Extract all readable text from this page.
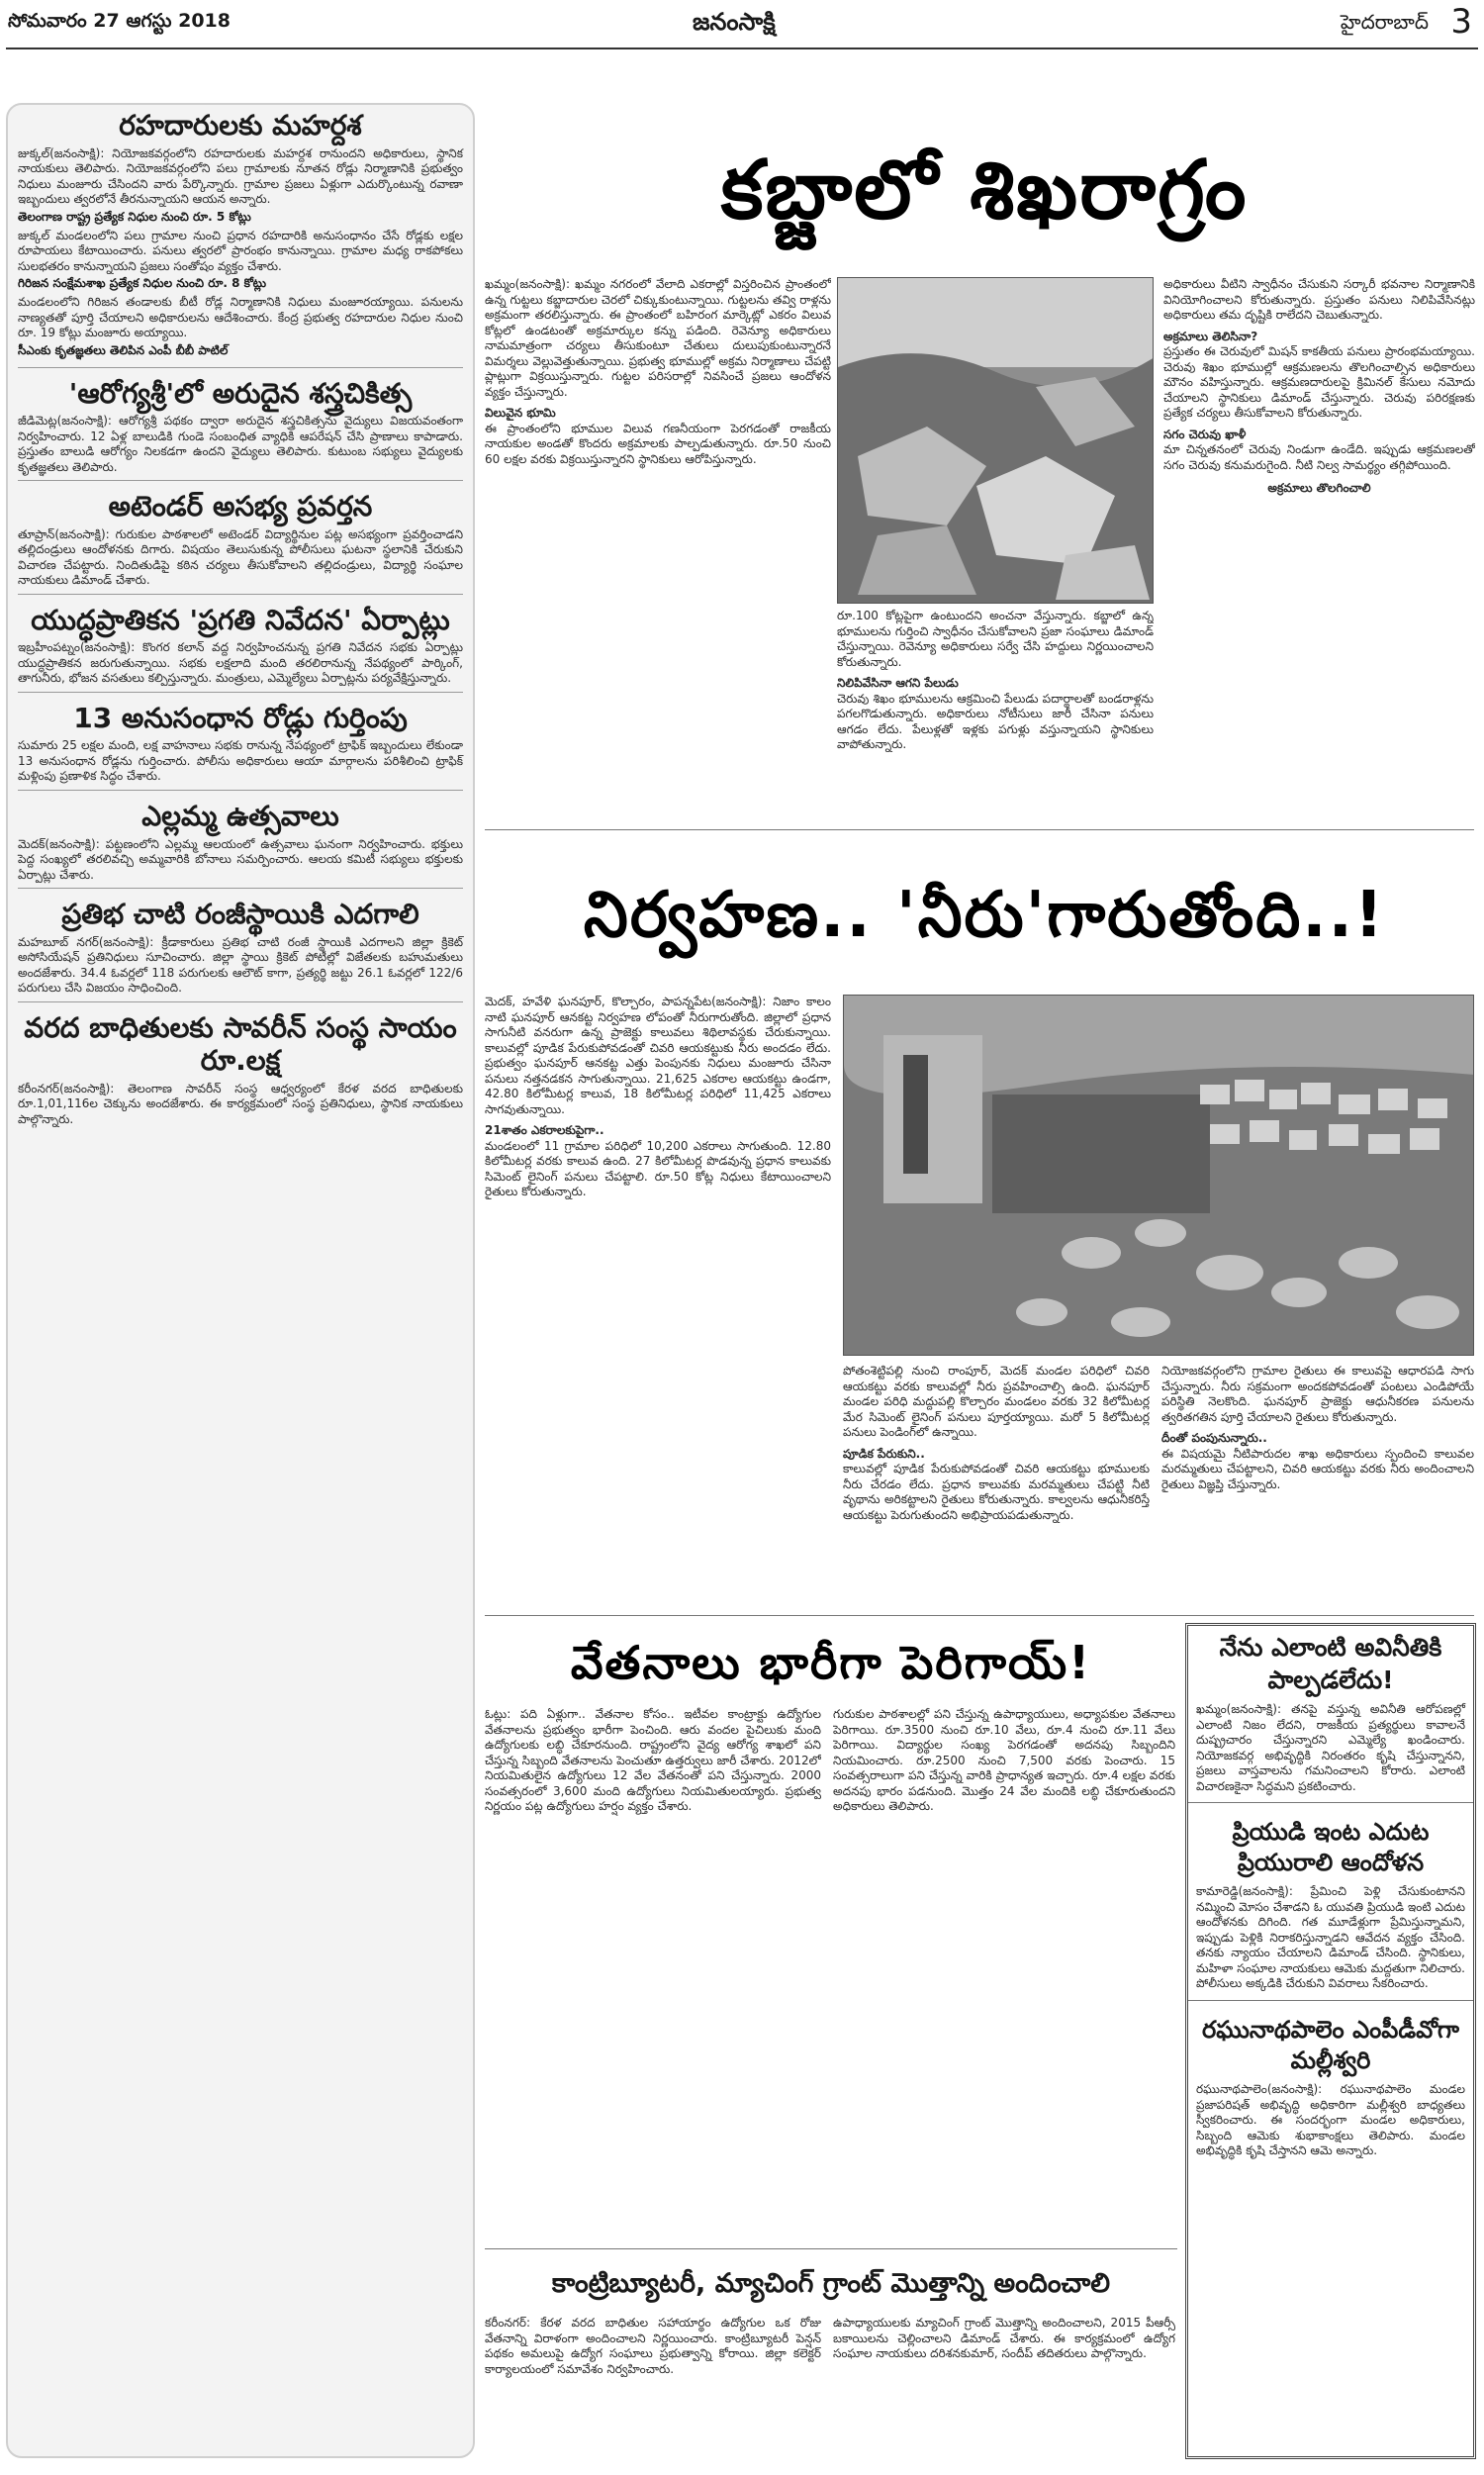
సోమవారం 27 ఆగస్టు 2018	జనంసాక్షి	హైదరాబాద్ 3
రహదారులకు మహర్దశ
జుక్కల్(జనంసాక్షి): నియోజకవర్గంలోని రహదారులకు మహర్దశ రానుందని అధికారులు, స్థానిక నాయకులు తెలిపారు. నియోజకవర్గంలోని పలు గ్రామాలకు నూతన రోడ్లు నిర్మాణానికి ప్రభుత్వం నిధులు మంజూరు చేసిందని వారు పేర్కొన్నారు. గ్రామాల ప్రజలు ఏళ్లుగా ఎదుర్కొంటున్న రవాణా ఇబ్బందులు త్వరలోనే తీరనున్నాయని ఆయన అన్నారు.
తెలంగాణ రాష్ట్ర ప్రత్యేక నిధుల నుంచి రూ. 5 కోట్లు
జుక్కల్ మండలంలోని పలు గ్రామాల నుంచి ప్రధాన రహదారికి అనుసంధానం చేసే రోడ్లకు లక్షల రూపాయలు కేటాయించారు. పనులు త్వరలో ప్రారంభం కానున్నాయి. గ్రామాల మధ్య రాకపోకలు సులభతరం కానున్నాయని ప్రజలు సంతోషం వ్యక్తం చేశారు.
గిరిజన సంక్షేమశాఖ ప్రత్యేక నిధుల నుంచి రూ. 8 కోట్లు
మండలంలోని గిరిజన తండాలకు బీటీ రోడ్ల నిర్మాణానికి నిధులు మంజూరయ్యాయి. పనులను నాణ్యతతో పూర్తి చేయాలని అధికారులను ఆదేశించారు. కేంద్ర ప్రభుత్వ రహదారుల నిధుల నుంచి రూ. 19 కోట్లు మంజూరు అయ్యాయి.
సీఎంకు కృతజ్ఞతలు తెలిపిన ఎంపీ బీబీ పాటిల్
'ఆరోగ్యశ్రీ'లో అరుదైన శస్త్రచికిత్స
జీడిమెట్ల(జనంసాక్షి): ఆరోగ్యశ్రీ పథకం ద్వారా అరుదైన శస్త్రచికిత్సను వైద్యులు విజయవంతంగా నిర్వహించారు. 12 ఏళ్ల బాలుడికి గుండె సంబంధిత వ్యాధికి ఆపరేషన్ చేసి ప్రాణాలు కాపాడారు. ప్రస్తుతం బాలుడి ఆరోగ్యం నిలకడగా ఉందని వైద్యులు తెలిపారు. కుటుంబ సభ్యులు వైద్యులకు కృతజ్ఞతలు తెలిపారు.
అటెండర్ అసభ్య ప్రవర్తన
తూప్రాన్(జనంసాక్షి): గురుకుల పాఠశాలలో అటెండర్ విద్యార్థినుల పట్ల అసభ్యంగా ప్రవర్తించాడని తల్లిదండ్రులు ఆందోళనకు దిగారు. విషయం తెలుసుకున్న పోలీసులు ఘటనా స్థలానికి చేరుకుని విచారణ చేపట్టారు. నిందితుడిపై కఠిన చర్యలు తీసుకోవాలని తల్లిదండ్రులు, విద్యార్థి సంఘాల నాయకులు డిమాండ్ చేశారు.
యుద్ధప్రాతికన 'ప్రగతి నివేదన' ఏర్పాట్లు
ఇబ్రహీంపట్నం(జనంసాక్షి): కొంగర కలాన్ వద్ద నిర్వహించనున్న ప్రగతి నివేదన సభకు ఏర్పాట్లు యుద్ధప్రాతికన జరుగుతున్నాయి. సభకు లక్షలాది మంది తరలిరానున్న నేపథ్యంలో పార్కింగ్, తాగునీరు, భోజన వసతులు కల్పిస్తున్నారు. మంత్రులు, ఎమ్మెల్యేలు ఏర్పాట్లను పర్యవేక్షిస్తున్నారు.
13 అనుసంధాన రోడ్లు గుర్తింపు
సుమారు 25 లక్షల మంది, లక్ష వాహనాలు సభకు రానున్న నేపథ్యంలో ట్రాఫిక్ ఇబ్బందులు లేకుండా 13 అనుసంధాన రోడ్లను గుర్తించారు. పోలీసు అధికారులు ఆయా మార్గాలను పరిశీలించి ట్రాఫిక్ మళ్లింపు ప్రణాళిక సిద్ధం చేశారు.
ఎల్లమ్మ ఉత్సవాలు
మెదక్(జనంసాక్షి): పట్టణంలోని ఎల్లమ్మ ఆలయంలో ఉత్సవాలు ఘనంగా నిర్వహించారు. భక్తులు పెద్ద సంఖ్యలో తరలివచ్చి అమ్మవారికి బోనాలు సమర్పించారు. ఆలయ కమిటీ సభ్యులు భక్తులకు ఏర్పాట్లు చేశారు.
ప్రతిభ చాటి రంజీస్థాయికి ఎదగాలి
మహబూబ్ నగర్(జనంసాక్షి): క్రీడాకారులు ప్రతిభ చాటి రంజీ స్థాయికి ఎదగాలని జిల్లా క్రికెట్ అసోసియేషన్ ప్రతినిధులు సూచించారు. జిల్లా స్థాయి క్రికెట్ పోటీల్లో విజేతలకు బహుమతులు అందజేశారు. 34.4 ఓవర్లలో 118 పరుగులకు ఆలౌట్ కాగా, ప్రత్యర్థి జట్టు 26.1 ఓవర్లలో 122/6 పరుగులు చేసి విజయం సాధించింది.
వరద బాధితులకు సావరీన్ సంస్థ సాయం రూ.లక్ష
కరీంనగర్(జనంసాక్షి): తెలంగాణ సావరీన్ సంస్థ ఆధ్వర్యంలో కేరళ వరద బాధితులకు రూ.1,01,116ల చెక్కును అందజేశారు. ఈ కార్యక్రమంలో సంస్థ ప్రతినిధులు, స్థానిక నాయకులు పాల్గొన్నారు.
కబ్జాలో శిఖరాగ్రం
ఖమ్మం(జనంసాక్షి): ఖమ్మం నగరంలో వేలాది ఎకరాల్లో విస్తరించిన ప్రాంతంలో ఉన్న గుట్టలు కబ్జాదారుల చెరలో చిక్కుకుంటున్నాయి. గుట్టలను తవ్వి రాళ్లను అక్రమంగా తరలిస్తున్నారు. ఈ ప్రాంతంలో బహిరంగ మార్కెట్లో ఎకరం విలువ కోట్లలో ఉండటంతో అక్రమార్కుల కన్ను పడింది. రెవెన్యూ అధికారులు నామమాత్రంగా చర్యలు తీసుకుంటూ చేతులు దులుపుకుంటున్నారనే విమర్శలు వెల్లువెత్తుతున్నాయి. ప్రభుత్వ భూముల్లో అక్రమ నిర్మాణాలు చేపట్టి ప్లాట్లుగా విక్రయిస్తున్నారు. గుట్టల పరిసరాల్లో నివసించే ప్రజలు ఆందోళన వ్యక్తం చేస్తున్నారు.
విలువైన భూమి
ఈ ప్రాంతంలోని భూముల విలువ గణనీయంగా పెరగడంతో రాజకీయ నాయకుల అండతో కొందరు అక్రమాలకు పాల్పడుతున్నారు. రూ.50 నుంచి 60 లక్షల వరకు విక్రయిస్తున్నారని స్థానికులు ఆరోపిస్తున్నారు.
రూ.100 కోట్లపైగా ఉంటుందని అంచనా వేస్తున్నారు. కబ్జాలో ఉన్న భూములను గుర్తించి స్వాధీనం చేసుకోవాలని ప్రజా సంఘాలు డిమాండ్ చేస్తున్నాయి. రెవెన్యూ అధికారులు సర్వే చేసి హద్దులు నిర్ణయించాలని కోరుతున్నారు.
నిలిపివేసినా ఆగని పేలుడు
చెరువు శిఖం భూములను ఆక్రమించి పేలుడు పదార్థాలతో బండరాళ్లను పగలగొడుతున్నారు. అధికారులు నోటీసులు జారీ చేసినా పనులు ఆగడం లేదు. పేలుళ్లతో ఇళ్లకు పగుళ్లు వస్తున్నాయని స్థానికులు వాపోతున్నారు.
అధికారులు వీటిని స్వాధీనం చేసుకుని సర్కారీ భవనాల నిర్మాణానికి వినియోగించాలని కోరుతున్నారు. ప్రస్తుతం పనులు నిలిపివేసినట్లు అధికారులు తమ దృష్టికి రాలేదని చెబుతున్నారు.
అక్రమాలు తెలిసినా?
ప్రస్తుతం ఈ చెరువులో మిషన్ కాకతీయ పనులు ప్రారంభమయ్యాయి. చెరువు శిఖం భూముల్లో ఆక్రమణలను తొలగించాల్సిన అధికారులు మౌనం వహిస్తున్నారు. ఆక్రమణదారులపై క్రిమినల్ కేసులు నమోదు చేయాలని స్థానికులు డిమాండ్ చేస్తున్నారు. చెరువు పరిరక్షణకు ప్రత్యేక చర్యలు తీసుకోవాలని కోరుతున్నారు.
సగం చెరువు ఖాళీ
మా చిన్నతనంలో చెరువు నిండుగా ఉండేది. ఇప్పుడు ఆక్రమణలతో సగం చెరువు కనుమరుగైంది. నీటి నిల్వ సామర్థ్యం తగ్గిపోయింది.
అక్రమాలు తొలగించాలి
నిర్వహణ.. 'నీరు'గారుతోంది..!
మెదక్, హవేళి ఘనపూర్, కొల్చారం, పాపన్నపేట(జనంసాక్షి): నిజాం కాలం నాటి ఘనపూర్ ఆనకట్ట నిర్వహణ లోపంతో నీరుగారుతోంది. జిల్లాలో ప్రధాన సాగునీటి వనరుగా ఉన్న ప్రాజెక్టు కాలువలు శిథిలావస్థకు చేరుకున్నాయి. కాలువల్లో పూడిక పేరుకుపోవడంతో చివరి ఆయకట్టుకు నీరు అందడం లేదు. ప్రభుత్వం ఘనపూర్ ఆనకట్ట ఎత్తు పెంపునకు నిధులు మంజూరు చేసినా పనులు నత్తనడకన సాగుతున్నాయి. 21,625 ఎకరాల ఆయకట్టు ఉండగా, 42.80 కిలోమీటర్ల కాలువ, 18 కిలోమీటర్ల పరిధిలో 11,425 ఎకరాలు సాగవుతున్నాయి.
21శాతం ఎకరాలకుపైగా..
మండలంలో 11 గ్రామాల పరిధిలో 10,200 ఎకరాలు సాగుతుంది. 12.80 కిలోమీటర్ల వరకు కాలువ ఉంది. 27 కిలోమీటర్ల పొడవున్న ప్రధాన కాలువకు సిమెంట్ లైనింగ్ పనులు చేపట్టాలి. రూ.50 కోట్ల నిధులు కేటాయించాలని రైతులు కోరుతున్నారు.
పోతంశెట్టిపల్లి నుంచి రాంపూర్, మెదక్ మండల పరిధిలో చివరి ఆయకట్టు వరకు కాలువల్లో నీరు ప్రవహించాల్సి ఉంది. ఘనపూర్ మండల పరిధి మద్దుపల్లి కొల్చారం మండలం వరకు 32 కిలోమీటర్ల మేర సిమెంట్ లైనింగ్ పనులు పూర్తయ్యాయి. మరో 5 కిలోమీటర్ల పనులు పెండింగ్‌లో ఉన్నాయి.
పూడిక పేరుకుని..
కాలువల్లో పూడిక పేరుకుపోవడంతో చివరి ఆయకట్టు భూములకు నీరు చేరడం లేదు. ప్రధాన కాలువకు మరమ్మతులు చేపట్టి నీటి వృథాను అరికట్టాలని రైతులు కోరుతున్నారు. కాల్వలను ఆధునీకరిస్తే ఆయకట్టు పెరుగుతుందని అభిప్రాయపడుతున్నారు.
నియోజకవర్గంలోని గ్రామాల రైతులు ఈ కాలువపై ఆధారపడి సాగు చేస్తున్నారు. నీరు సక్రమంగా అందకపోవడంతో పంటలు ఎండిపోయే పరిస్థితి నెలకొంది. ఘనపూర్ ప్రాజెక్టు ఆధునీకరణ పనులను త్వరితగతిన పూర్తి చేయాలని రైతులు కోరుతున్నారు.
దీంతో పంపునున్నారు..
ఈ విషయమై నీటిపారుదల శాఖ అధికారులు స్పందించి కాలువల మరమ్మతులు చేపట్టాలని, చివరి ఆయకట్టు వరకు నీరు అందించాలని రైతులు విజ్ఞప్తి చేస్తున్నారు.
వేతనాలు భారీగా పెరిగాయ్!
ఓట్లు: పది ఏళ్లుగా.. వేతనాల కోసం.. ఇటీవల కాంట్రాక్టు ఉద్యోగుల వేతనాలను ప్రభుత్వం భారీగా పెంచింది. ఆరు వందల పైచిలుకు మంది ఉద్యోగులకు లబ్ధి చేకూరనుంది. రాష్ట్రంలోని వైద్య ఆరోగ్య శాఖలో పని చేస్తున్న సిబ్బంది వేతనాలను పెంచుతూ ఉత్తర్వులు జారీ చేశారు. 2012లో నియమితులైన ఉద్యోగులు 12 వేల వేతనంతో పని చేస్తున్నారు. 2000 సంవత్సరంలో 3,600 మంది ఉద్యోగులు నియమితులయ్యారు. ప్రభుత్వ నిర్ణయం పట్ల ఉద్యోగులు హర్షం వ్యక్తం చేశారు.
గురుకుల పాఠశాలల్లో పని చేస్తున్న ఉపాధ్యాయులు, అధ్యాపకుల వేతనాలు పెరిగాయి. రూ.3500 నుంచి రూ.10 వేలు, రూ.4 నుంచి రూ.11 వేలు పెరిగాయి. విద్యార్థుల సంఖ్య పెరగడంతో అదనపు సిబ్బందిని నియమించారు. రూ.2500 నుంచి 7,500 వరకు పెంచారు. 15 సంవత్సరాలుగా పని చేస్తున్న వారికి ప్రాధాన్యత ఇచ్చారు. రూ.4 లక్షల వరకు అదనపు భారం పడనుంది. మొత్తం 24 వేల మందికి లబ్ధి చేకూరుతుందని అధికారులు తెలిపారు.
కాంట్రిబ్యూటరీ, మ్యాచింగ్ గ్రాంట్ మొత్తాన్ని అందించాలి
కరీంనగర్: కేరళ వరద బాధితుల సహాయార్థం ఉద్యోగుల ఒక రోజు వేతనాన్ని విరాళంగా అందించాలని నిర్ణయించారు. కాంట్రిబ్యూటరీ పెన్షన్ పథకం అమలుపై ఉద్యోగ సంఘాలు ప్రభుత్వాన్ని కోరాయి. జిల్లా కలెక్టర్ కార్యాలయంలో సమావేశం నిర్వహించారు.
ఉపాధ్యాయులకు మ్యాచింగ్ గ్రాంట్ మొత్తాన్ని అందించాలని, 2015 పీఆర్సీ బకాయిలను చెల్లించాలని డిమాండ్ చేశారు. ఈ కార్యక్రమంలో ఉద్యోగ సంఘాల నాయకులు దరిశనకుమార్, సందీప్ తదితరులు పాల్గొన్నారు.
నేను ఎలాంటి అవినీతికి పాల్పడలేదు!
ఖమ్మం(జనంసాక్షి): తనపై వస్తున్న అవినీతి ఆరోపణల్లో ఎలాంటి నిజం లేదని, రాజకీయ ప్రత్యర్థులు కావాలనే దుష్ప్రచారం చేస్తున్నారని ఎమ్మెల్యే ఖండించారు. నియోజకవర్గ అభివృద్ధికి నిరంతరం కృషి చేస్తున్నానని, ప్రజలు వాస్తవాలను గమనించాలని కోరారు. ఎలాంటి విచారణకైనా సిద్ధమని ప్రకటించారు.
ప్రియుడి ఇంట ఎదుట ప్రియురాలి ఆందోళన
కామారెడ్డి(జనంసాక్షి): ప్రేమించి పెళ్లి చేసుకుంటానని నమ్మించి మోసం చేశాడని ఓ యువతి ప్రియుడి ఇంటి ఎదుట ఆందోళనకు దిగింది. గత మూడేళ్లుగా ప్రేమిస్తున్నామని, ఇప్పుడు పెళ్లికి నిరాకరిస్తున్నాడని ఆవేదన వ్యక్తం చేసింది. తనకు న్యాయం చేయాలని డిమాండ్ చేసింది. స్థానికులు, మహిళా సంఘాల నాయకులు ఆమెకు మద్దతుగా నిలిచారు. పోలీసులు అక్కడికి చేరుకుని వివరాలు సేకరించారు.
రఘునాథపాలెం ఎంపీడీవోగా మల్లీశ్వరి
రఘునాథపాలెం(జనంసాక్షి): రఘునాథపాలెం మండల ప్రజాపరిషత్ అభివృద్ధి అధికారిగా మల్లీశ్వరి బాధ్యతలు స్వీకరించారు. ఈ సందర్భంగా మండల అధికారులు, సిబ్బంది ఆమెకు శుభాకాంక్షలు తెలిపారు. మండల అభివృద్ధికి కృషి చేస్తానని ఆమె అన్నారు.
